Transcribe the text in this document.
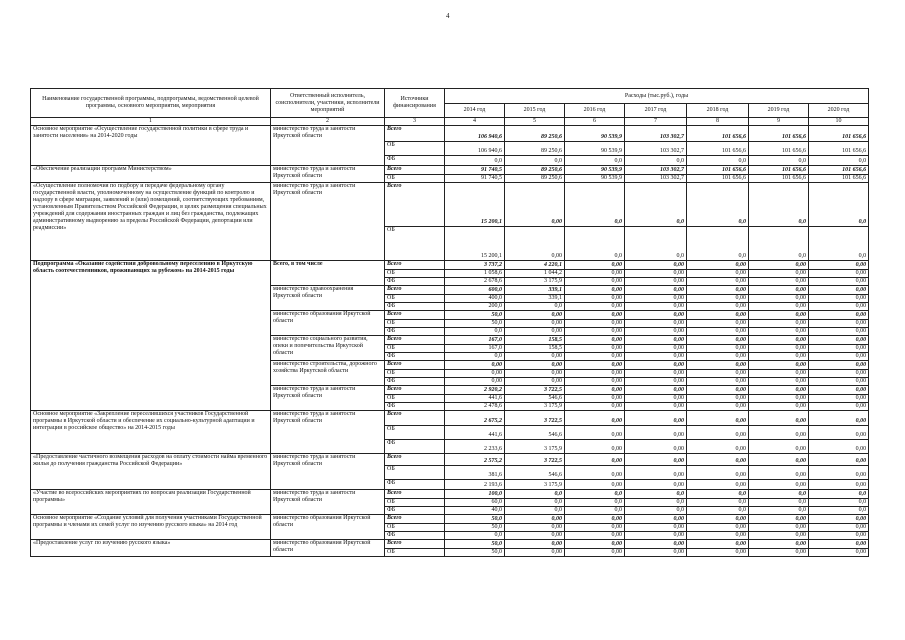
4
Наименование государственной программы, подпрограммы, ведомственной целевой программы, основного мероприятия, мероприятия	Ответственный исполнитель, соисполнители, участники, исполнители мероприятий	Источники финансирования	Расходы (тыс.руб.), годы						
			2014 год	2015 год	2016 год	2017 год	2018 год	2019 год	2020 год
1	2	3	4	5	6	7	8	9	10
Основное мероприятие «Осуществление государственной политики в сфере труда и занятости населения» на 2014-2020 годы	министерство труда и занятости Иркутской области	Всего	106 940,6	89 250,6	90 539,9	103 302,7	101 656,6	101 656,6	101 656,6
		ОБ	106 940,6	89 250,6	90 539,9	103 302,7	101 656,6	101 656,6	101 656,6
		ФБ	0,0	0,0	0,0	0,0	0,0	0,0	0,0
«Обеспечение реализации программ Министерством»	министерство труда и занятости Иркутской области	Всего	91 740,5	89 250,6	90 539,9	103 302,7	101 656,6	101 656,6	101 656,6
		ОБ	91 740,5	89 250,6	90 539,9	103 302,7	101 656,6	101 656,6	101 656,6
«Осуществление полномочия по подбору и передаче федеральному органу государственной власти, уполномоченному на осуществление функций по контролю и надзору в сфере миграции, заявлений и (или) помещений, соответствующих требованиям, установленным Правительством Российской Федерации, в целях размещения специальных учреждений для содержания иностранных граждан и лиц без гражданства, подлежащих административному выдворению за пределы Российской Федерации, депортации или реадмиссии»	министерство труда и занятости Иркутской области	Всего	15 200,1	0,00	0,0	0,0	0,0	0,0	0,0
		ОБ	15 200,1	0,00	0,0	0,0	0,0	0,0	0,0
Подпрограмма «Оказание содействия добровольному переселению в Иркутскую область соотечественников, проживающих за рубежом» на 2014-2015 годы	Всего, в том числе	Всего	3 737,2	4 220,1	0,00	0,00	0,00	0,00	0,00
		ОБ	1 058,6	1 044,2	0,00	0,00	0,00	0,00	0,00
		ФБ	2 678,6	3 175,9	0,00	0,00	0,00	0,00	0,00
	министерство здравоохранения Иркутской области	Всего	600,0	339,1	0,00	0,00	0,00	0,00	0,00
		ОБ	400,0	339,1	0,00	0,00	0,00	0,00	0,00
		ФБ	200,0	0,0	0,00	0,00	0,00	0,00	0,00
	министерство образования Иркутской области	Всего	50,0	0,00	0,00	0,00	0,00	0,00	0,00
		ОБ	50,0	0,00	0,00	0,00	0,00	0,00	0,00
		ФБ	0,0	0,00	0,00	0,00	0,00	0,00	0,00
	министерство социального развития, опеки и попечительства Иркутской области	Всего	167,0	158,5	0,00	0,00	0,00	0,00	0,00
		ОБ	167,0	158,5	0,00	0,00	0,00	0,00	0,00
		ФБ	0,0	0,00	0,00	0,00	0,00	0,00	0,00
	министерство строительства, дорожного хозяйства Иркутской области	Всего	0,00	0,00	0,00	0,00	0,00	0,00	0,00
		ОБ	0,00	0,00	0,00	0,00	0,00	0,00	0,00
		ФБ	0,00	0,00	0,00	0,00	0,00	0,00	0,00
	министерство труда и занятости Иркутской области	Всего	2 920,2	3 722,5	0,00	0,00	0,00	0,00	0,00
		ОБ	441,6	546,6	0,00	0,00	0,00	0,00	0,00
		ФБ	2 478,6	3 175,9	0,00	0,00	0,00	0,00	0,00
Основное мероприятие «Закрепление переселившихся участников Государственной программы в Иркутской области и обеспечение их социально-культурной адаптации и интеграции в российское общество» на 2014-2015 годы	министерство труда и занятости Иркутской области	Всего	2 675,2	3 722,5	0,00	0,00	0,00	0,00	0,00
		ОБ	441,6	546,6	0,00	0,00	0,00	0,00	0,00
		ФБ	2 233,6	3 175,9	0,00	0,00	0,00	0,00	0,00
«Предоставление частичного возмещения расходов на оплату стоимости найма временного жилья до получения гражданства Российской Федерации»	министерство труда и занятости Иркутской области	Всего	2 575,2	3 722,5	0,00	0,00	0,00	0,00	0,00
		ОБ	381,6	546,6	0,00	0,00	0,00	0,00	0,00
		ФБ	2 193,6	3 175,9	0,00	0,00	0,00	0,00	0,00
«Участие во всероссийских мероприятиях по вопросам реализации Государственной программы»	министерство труда и занятости Иркутской области	Всего	100,0	0,0	0,0	0,0	0,0	0,0	0,0
		ОБ	60,0	0,0	0,0	0,0	0,0	0,0	0,0
		ФБ	40,0	0,0	0,0	0,0	0,0	0,0	0,0
Основное мероприятие «Создание условий для получения участниками Государственной программы и членами их семей услуг по изучению русского языка» на 2014 год	министерство образования Иркутской области	Всего	50,0	0,00	0,00	0,00	0,00	0,00	0,00
		ОБ	50,0	0,00	0,00	0,00	0,00	0,00	0,00
		ФБ	0,0	0,00	0,00	0,00	0,00	0,00	0,00
«Предоставление услуг по изучению русского языка»	министерство образования Иркутской области	Всего	50,0	0,00	0,00	0,00	0,00	0,00	0,00
		ОБ	50,0	0,00	0,00	0,00	0,00	0,00	0,00
